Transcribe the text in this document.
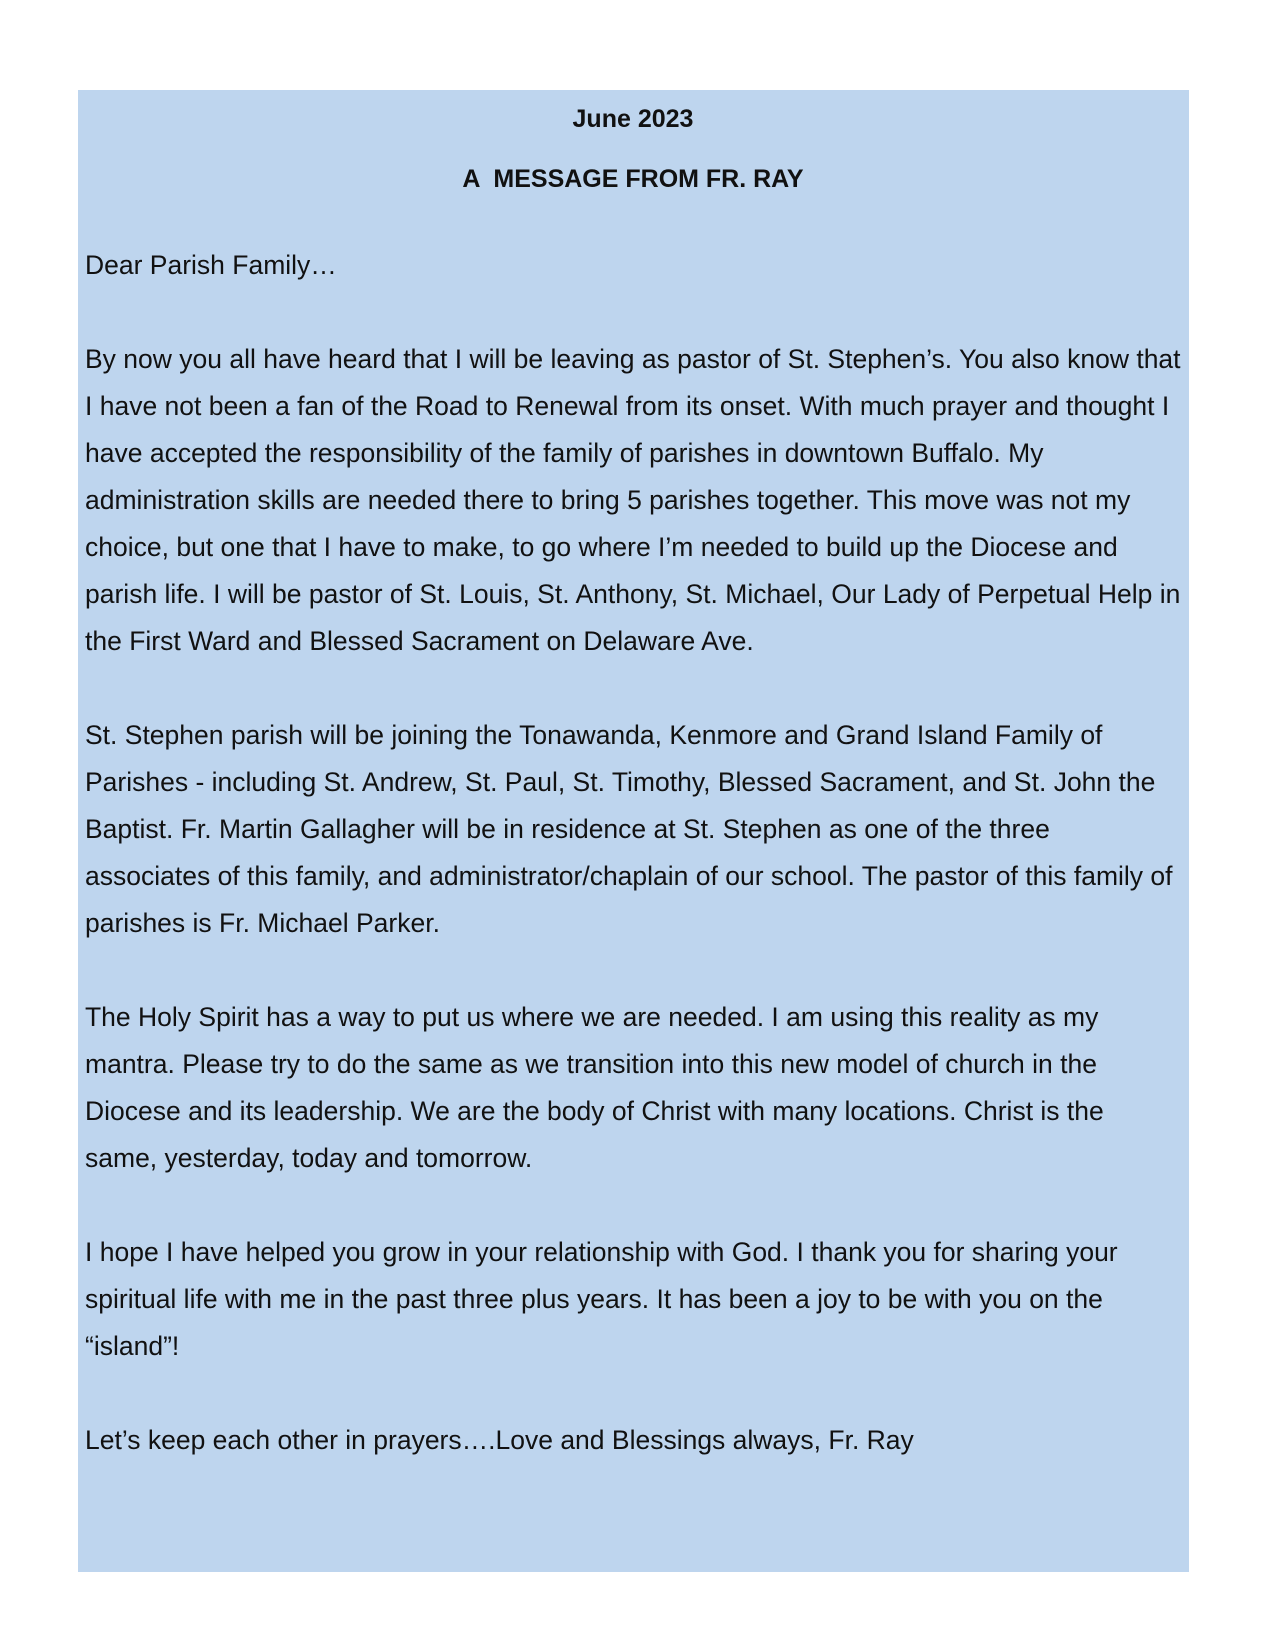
June 2023

A  MESSAGE FROM FR. RAY

Dear Parish Family…

By now you all have heard that I will be leaving as pastor of St. Stephen’s. You also know that I have not been a fan of the Road to Renewal from its onset. With much prayer and thought I have accepted the responsibility of the family of parishes in downtown Buffalo. My administration skills are needed there to bring 5 parishes together. This move was not my choice, but one that I have to make, to go where I’m needed to build up the Diocese and parish life. I will be pastor of St. Louis, St. Anthony, St. Michael, Our Lady of Perpetual Help in the First Ward and Blessed Sacrament on Delaware Ave.

St. Stephen parish will be joining the Tonawanda, Kenmore and Grand Island Family of Parishes - including St. Andrew, St. Paul, St. Timothy, Blessed Sacrament, and St. John the Baptist. Fr. Martin Gallagher will be in residence at St. Stephen as one of the three associates of this family, and administrator/chaplain of our school. The pastor of this family of parishes is Fr. Michael Parker.

The Holy Spirit has a way to put us where we are needed. I am using this reality as my mantra. Please try to do the same as we transition into this new model of church in the Diocese and its leadership. We are the body of Christ with many locations. Christ is the same, yesterday, today and tomorrow.

I hope I have helped you grow in your relationship with God. I thank you for sharing your spiritual life with me in the past three plus years. It has been a joy to be with you on the “island”!

Let’s keep each other in prayers….Love and Blessings always, Fr. Ray
